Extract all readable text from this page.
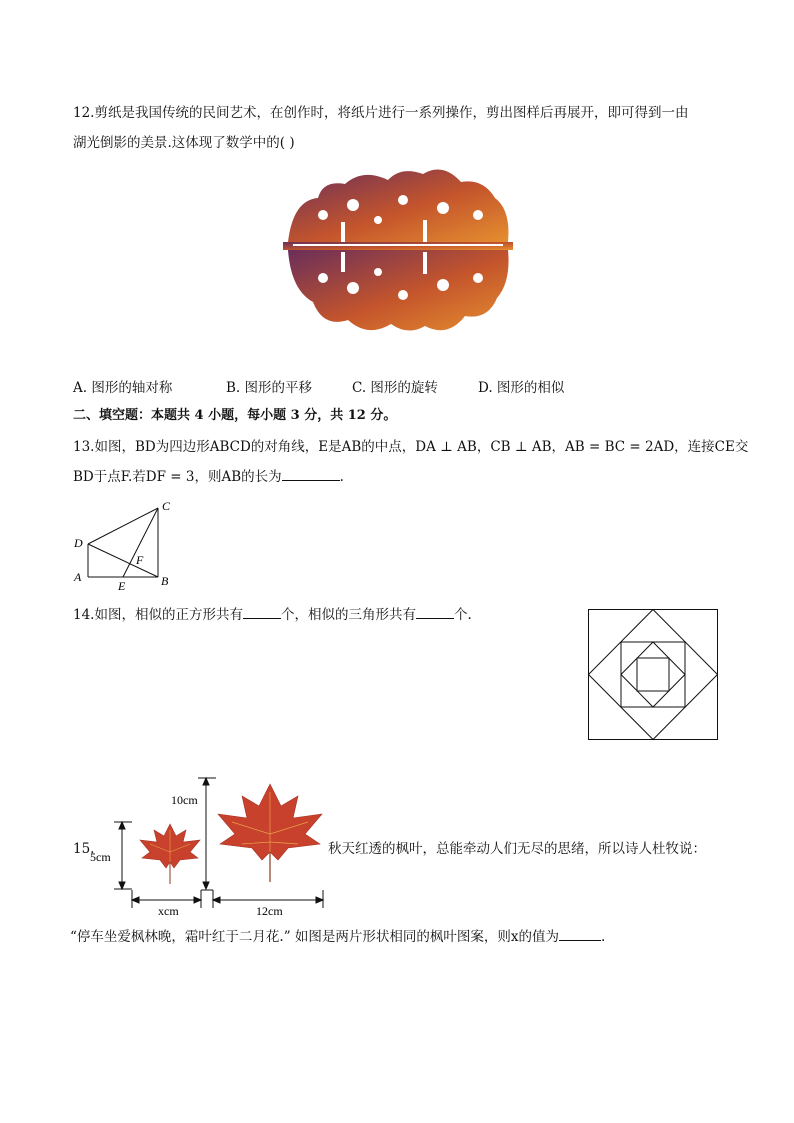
12.剪纸是我国传统的民间艺术，在创作时，将纸片进行一系列操作，剪出图样后再展开，即可得到一由
湖光倒影的美景.这体现了数学中的( )
A. 图形的轴对称	B. 图形的平移	C. 图形的旋转	D. 图形的相似
二、填空题：本题共 4 小题，每小题 3 分，共 12 分。
13.如图，BD为四边形ABCD的对角线，E是AB的中点，DA ⊥ AB，CB ⊥ AB，AB = BC = 2AD，连接CE交
BD于点F.若DF = 3，则AB的长为	.
C
D
F
A
E	B
14.如图，相似的正方形共有	个，相似的三角形共有	个.
10cm
5cm
xcm	12cm
15.	秋天红透的枫叶，总能牵动人们无尽的思绪，所以诗人杜牧说：
“停车坐爱枫林晚，霜叶红于二月花.” 如图是两片形状相同的枫叶图案，则x的值为	.
